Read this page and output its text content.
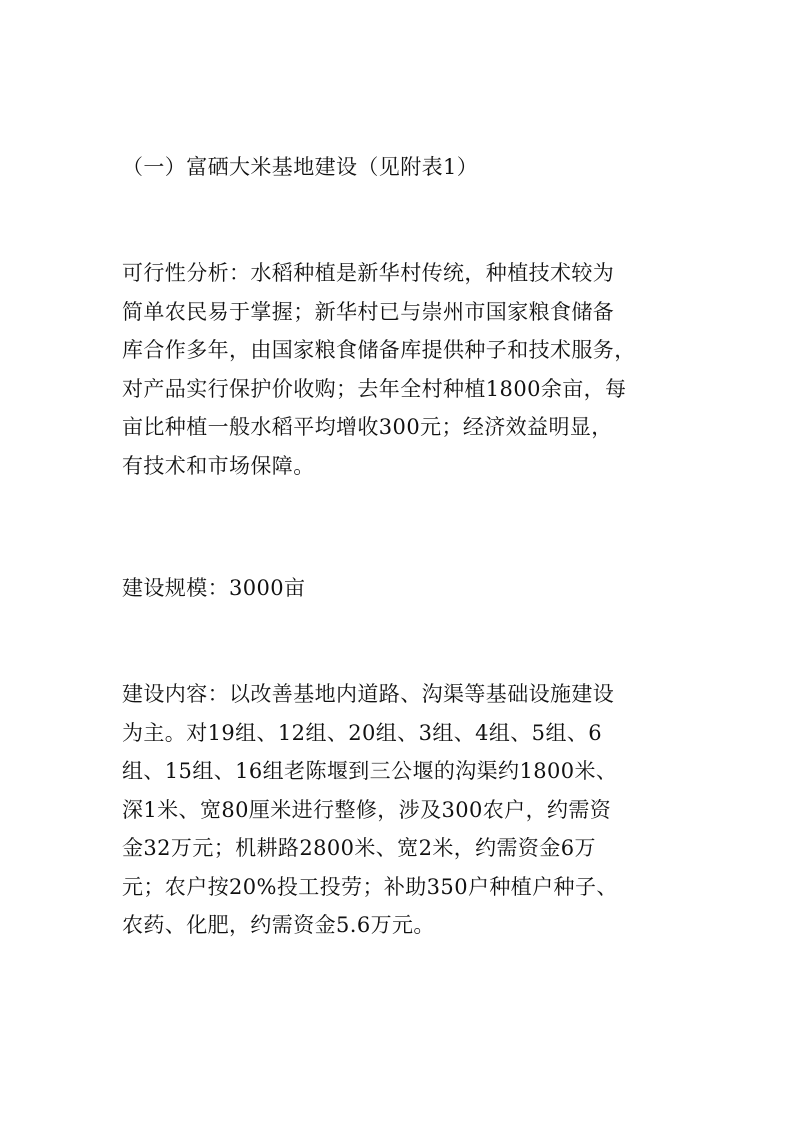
（一）富硒大米基地建设（见附表1）

可行性分析：水稻种植是新华村传统，种植技术较为
简单农民易于掌握；新华村已与崇州市国家粮食储备
库合作多年，由国家粮食储备库提供种子和技术服务，
对产品实行保护价收购；去年全村种植1800余亩，每
亩比种植一般水稻平均增收300元；经济效益明显，
有技术和市场保障。

建设规模：3000亩

建设内容：以改善基地内道路、沟渠等基础设施建设
为主。对19组、12组、20组、3组、4组、5组、6
组、15组、16组老陈堰到三公堰的沟渠约1800米、
深1米、宽80厘米进行整修，涉及300农户，约需资
金32万元；机耕路2800米、宽2米，约需资金6万
元；农户按20%投工投劳；补助350户种植户种子、
农药、化肥，约需资金5.6万元。
